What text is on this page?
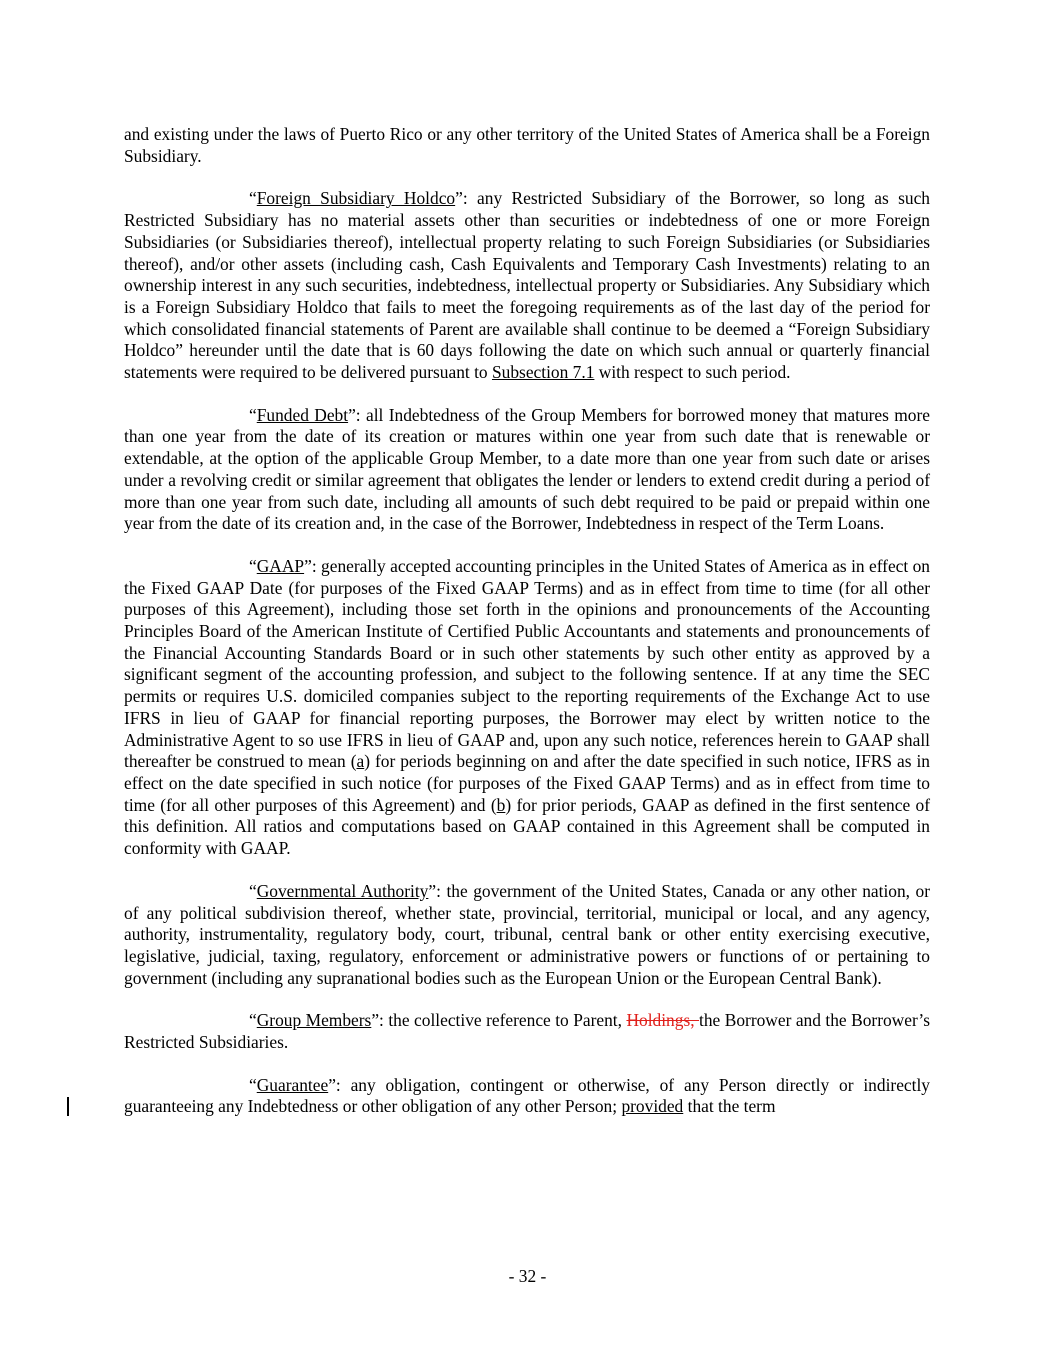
and existing under the laws of Puerto Rico or any other territory of the United States of America shall be a Foreign Subsidiary.

“Foreign Subsidiary Holdco”: any Restricted Subsidiary of the Borrower, so long as such Restricted Subsidiary has no material assets other than securities or indebtedness of one or more Foreign Subsidiaries (or Subsidiaries thereof), intellectual property relating to such Foreign Subsidiaries (or Subsidiaries thereof), and/or other assets (including cash, Cash Equivalents and Temporary Cash Investments) relating to an ownership interest in any such securities, indebtedness, intellectual property or Subsidiaries. Any Subsidiary which is a Foreign Subsidiary Holdco that fails to meet the foregoing requirements as of the last day of the period for which consolidated financial statements of Parent are available shall continue to be deemed a “Foreign Subsidiary Holdco” hereunder until the date that is 60 days following the date on which such annual or quarterly financial statements were required to be delivered pursuant to Subsection 7.1 with respect to such period.

“Funded Debt”: all Indebtedness of the Group Members for borrowed money that matures more than one year from the date of its creation or matures within one year from such date that is renewable or extendable, at the option of the applicable Group Member, to a date more than one year from such date or arises under a revolving credit or similar agreement that obligates the lender or lenders to extend credit during a period of more than one year from such date, including all amounts of such debt required to be paid or prepaid within one year from the date of its creation and, in the case of the Borrower, Indebtedness in respect of the Term Loans.

“GAAP”: generally accepted accounting principles in the United States of America as in effect on the Fixed GAAP Date (for purposes of the Fixed GAAP Terms) and as in effect from time to time (for all other purposes of this Agreement), including those set forth in the opinions and pronouncements of the Accounting Principles Board of the American Institute of Certified Public Accountants and statements and pronouncements of the Financial Accounting Standards Board or in such other statements by such other entity as approved by a significant segment of the accounting profession, and subject to the following sentence. If at any time the SEC permits or requires U.S. domiciled companies subject to the reporting requirements of the Exchange Act to use IFRS in lieu of GAAP for financial reporting purposes, the Borrower may elect by written notice to the Administrative Agent to so use IFRS in lieu of GAAP and, upon any such notice, references herein to GAAP shall thereafter be construed to mean (a) for periods beginning on and after the date specified in such notice, IFRS as in effect on the date specified in such notice (for purposes of the Fixed GAAP Terms) and as in effect from time to time (for all other purposes of this Agreement) and (b) for prior periods, GAAP as defined in the first sentence of this definition. All ratios and computations based on GAAP contained in this Agreement shall be computed in conformity with GAAP.

“Governmental Authority”: the government of the United States, Canada or any other nation, or of any political subdivision thereof, whether state, provincial, territorial, municipal or local, and any agency, authority, instrumentality, regulatory body, court, tribunal, central bank or other entity exercising executive, legislative, judicial, taxing, regulatory, enforcement or administrative powers or functions of or pertaining to government (including any supranational bodies such as the European Union or the European Central Bank).

“Group Members”: the collective reference to Parent, Holdings, the Borrower and the Borrower’s Restricted Subsidiaries.

“Guarantee”: any obligation, contingent or otherwise, of any Person directly or indirectly guaranteeing any Indebtedness or other obligation of any other Person; provided that the term

- 32 -
